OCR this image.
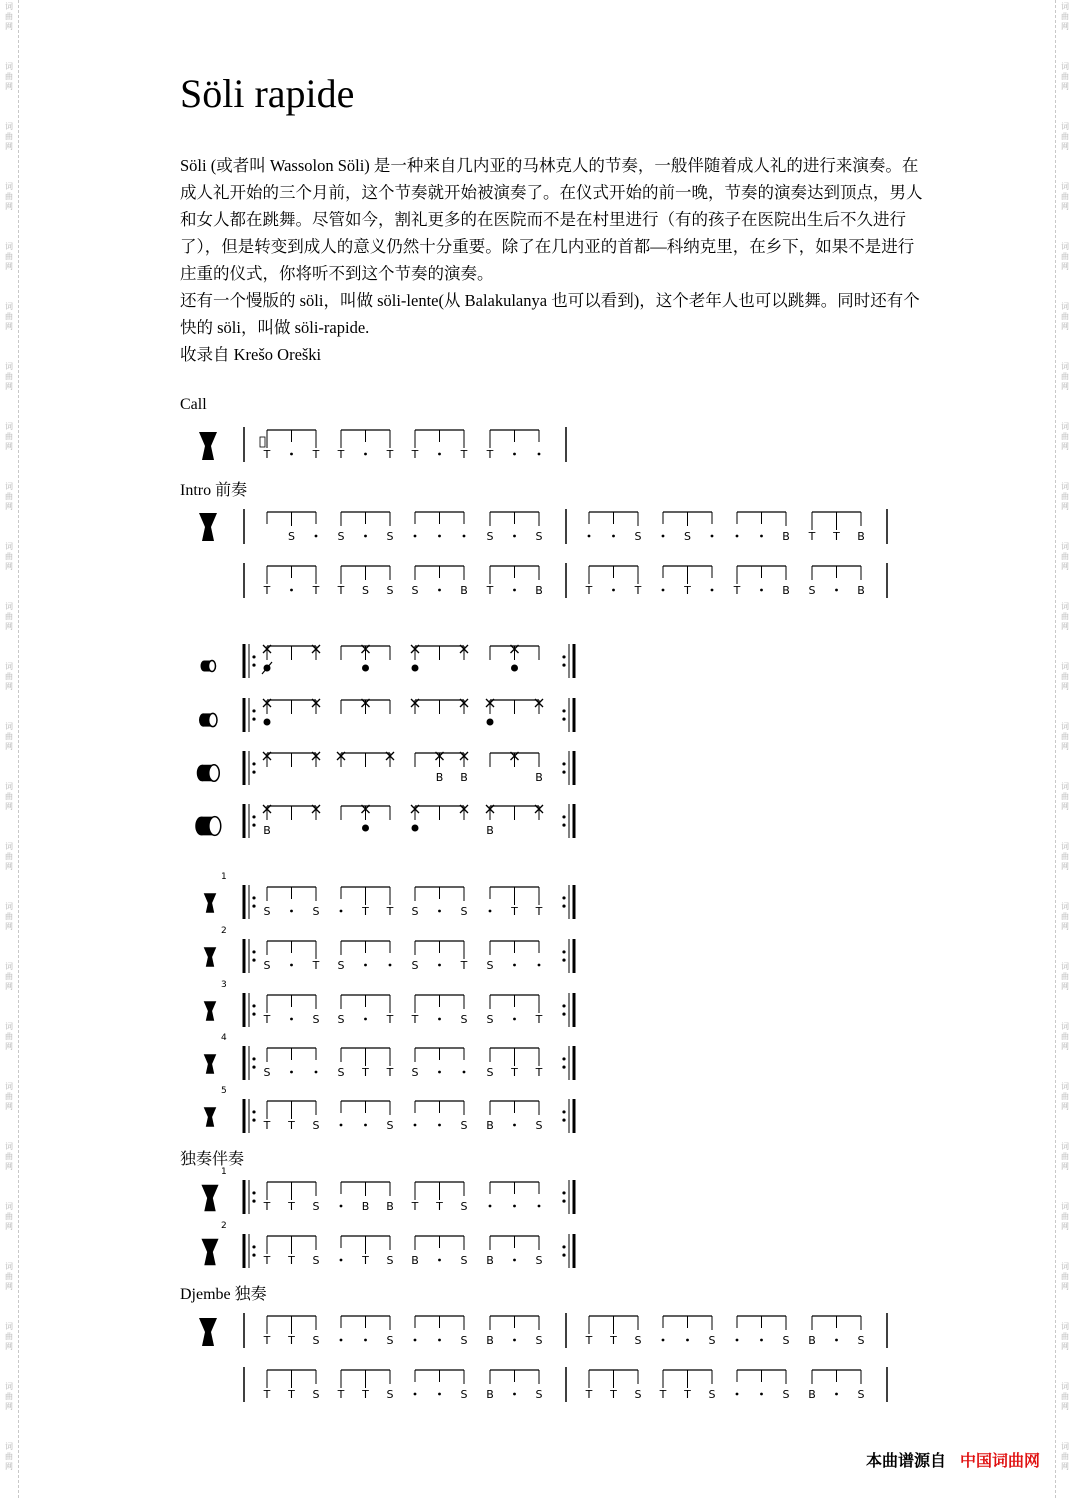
词
曲
网
词
曲
网
词
曲
网
词
曲
网
词
曲
网
词
曲
网
词
曲
网
词
曲
网
词
曲
网
词
曲
网
词
曲
网
词
曲
网
词
曲
网
词
曲
网
词
曲
网
词
曲
网
词
曲
网
词
曲
网
词
曲
网
词
曲
网
词
曲
网
词
曲
网
词
曲
网
词
曲
网
词
曲
网
词
曲
网
词
曲
网
词
曲
网
词
曲
网
词
曲
网
词
曲
网
词
曲
网
词
曲
网
词
曲
网
词
曲
网
词
曲
网
词
曲
网
词
曲
网
词
曲
网
词
曲
网
词
曲
网
词
曲
网
词
曲
网
词
曲
网
词
曲
网
词
曲
网
词
曲
网
词
曲
网
词
曲
网
词
曲
网
Söli rapide

Söli (或者叫 Wassolon Söli) 是一种来自几内亚的马林克人的节奏，一般伴随着成人礼的进行来演奏。在成人礼开始的三个月前，这个节奏就开始被演奏了。在仪式开始的前一晚，节奏的演奏达到顶点，男人和女人都在跳舞。尽管如今，割礼更多的在医院而不是在村里进行（有的孩子在医院出生后不久进行了），但是转变到成人的意义仍然十分重要。除了在几内亚的首都—科纳克里，在乡下，如果不是进行庄重的仪式，你将听不到这个节奏的演奏。

还有一个慢版的 söli，叫做 söli-lente(从 Balakulanya 也可以看到)，这个老年人也可以跳舞。同时还有个快的 söli，叫做 söli-rapide.

收录自 Krešo Oreški

Call
Intro 前奏
独奏伴奏
Djembe 独奏
T	T T	T T	T T
S	S	S	S	S	S	S	B T T B
T	T T S S S	B T	B	T	T	T	T	B S	B
B B	B
B	B
1
S	S	T T S	S	T T
2
S	T S	S	T S
3
T	S S	T T	S S	T
4
S	S T T S	S T T
5
T T S	S	S B	S
1
T T S	B B T T S
2
T T S	T S B	S B	S
T T S	S	S B	S	T T S	S	S B	S
T T S T T S	S B	S	T T S T T S	S B	S
本曲谱源自 中国词曲网
